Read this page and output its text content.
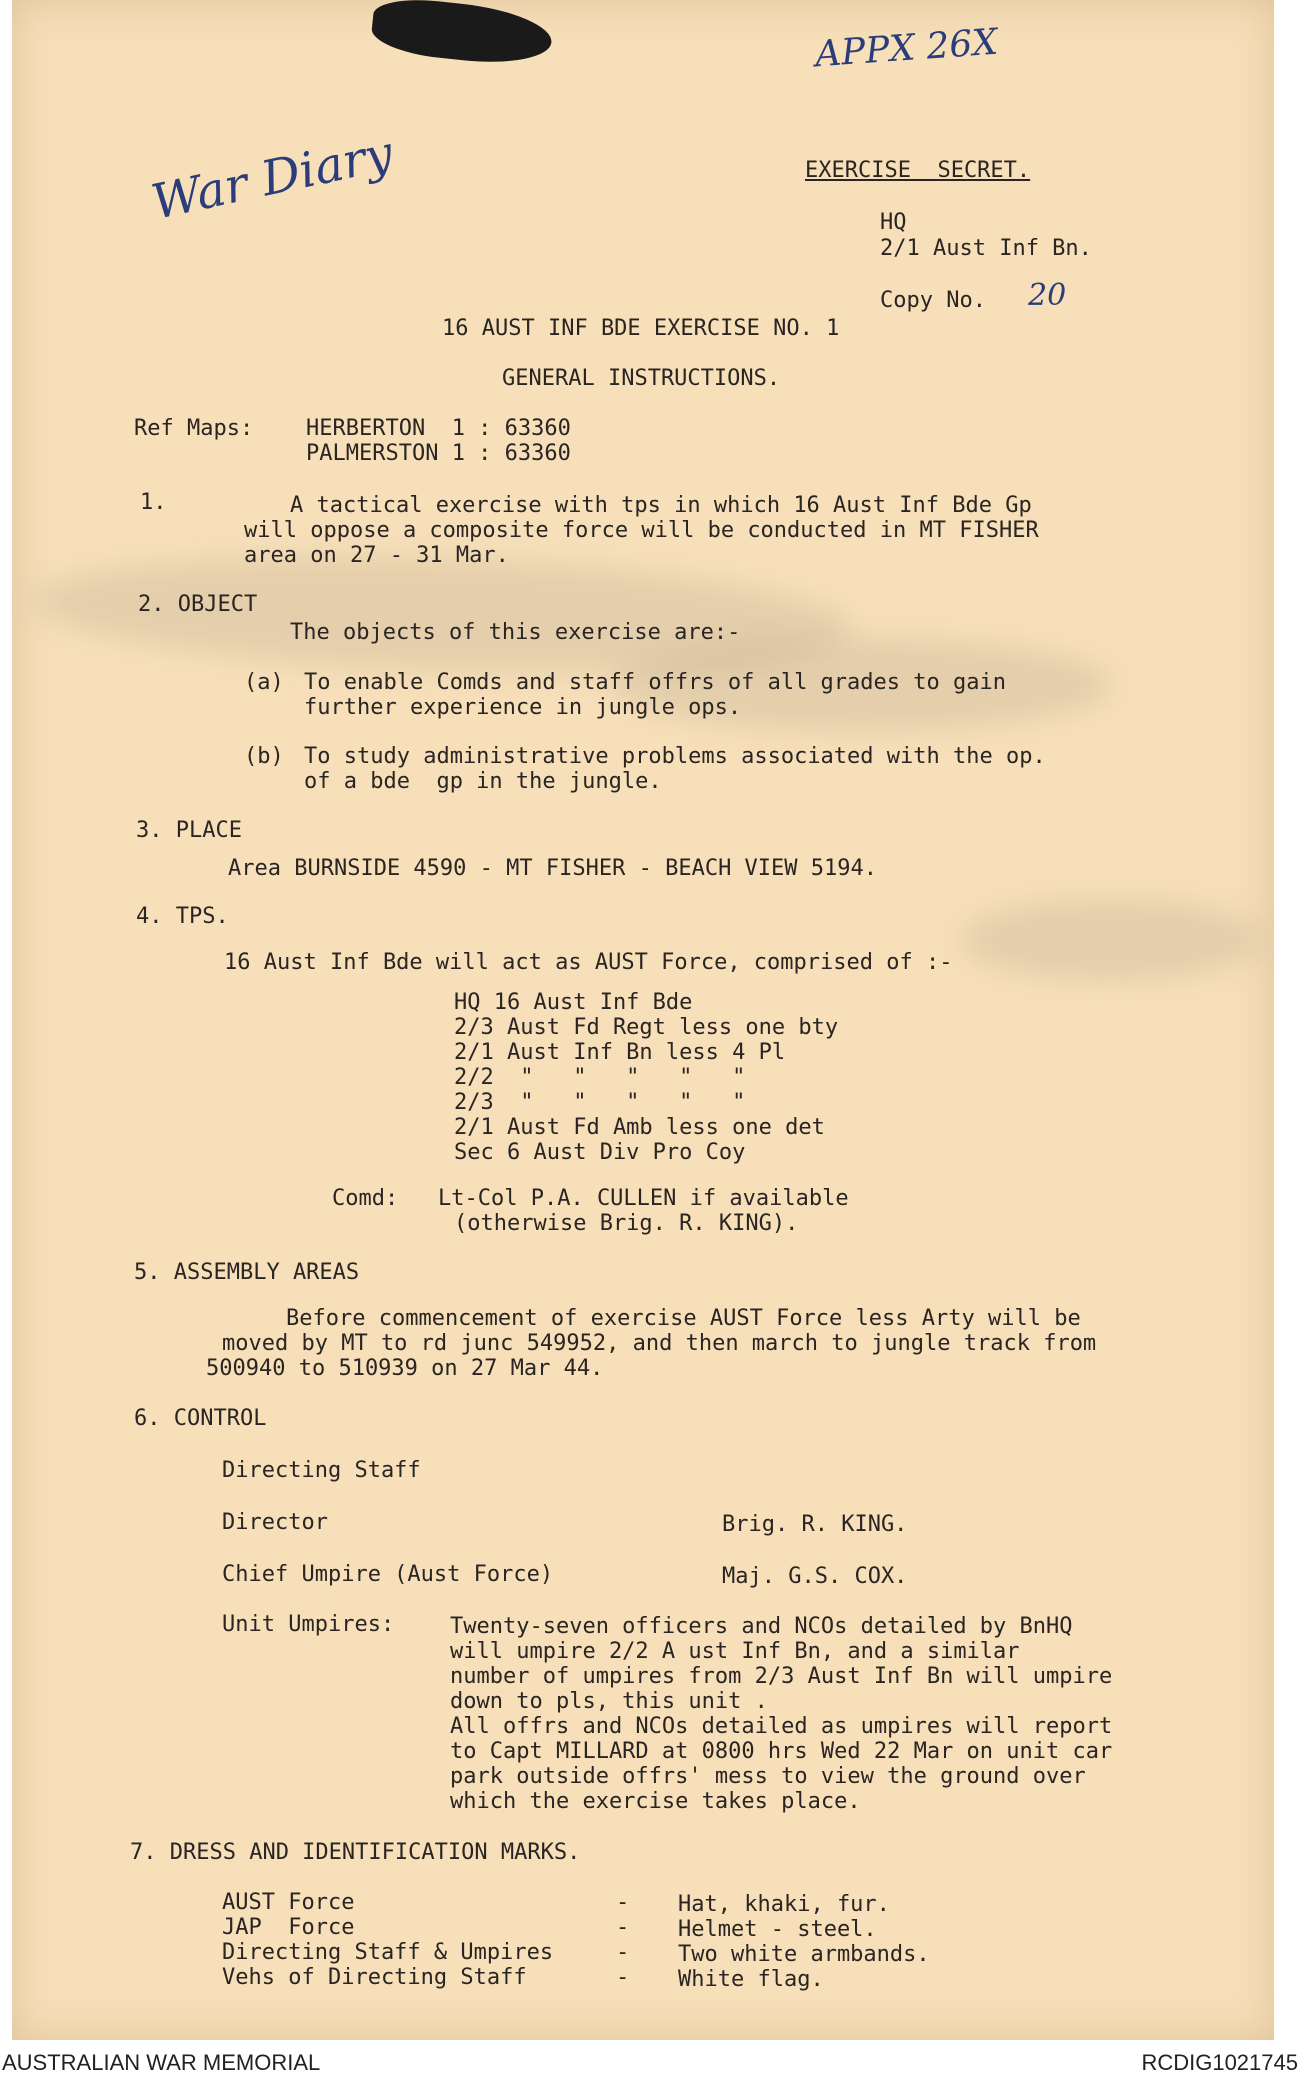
APPX 26X
War Diary
20
EXERCISE  SECRET.
HQ
2/1 Aust Inf Bn.
Copy No.
16 AUST INF BDE EXERCISE NO. 1
GENERAL INSTRUCTIONS.
Ref Maps: HERBERTON  1 : 63360
PALMERSTON 1 : 63360
1.	A tactical exercise with tps in which 16 Aust Inf Bde Gp
will oppose a composite force will be conducted in MT FISHER
area on 27 - 31 Mar.
2. OBJECT
The objects of this exercise are:-
(a) To enable Comds and staff offrs of all grades to gain
further experience in jungle ops.
(b) To study administrative problems associated with the op.
of a bde  gp in the jungle.
3. PLACE
Area BURNSIDE 4590 - MT FISHER - BEACH VIEW 5194.
4. TPS.
16 Aust Inf Bde will act as AUST Force, comprised of :-
HQ 16 Aust Inf Bde
2/3 Aust Fd Regt less one bty
2/1 Aust Inf Bn less 4 Pl
2/2  "   "   "   "   "
2/3  "   "   "   "   "
2/1 Aust Fd Amb less one det
Sec 6 Aust Div Pro Coy
Comd: Lt-Col P.A. CULLEN if available
(otherwise Brig. R. KING).
5. ASSEMBLY AREAS
Before commencement of exercise AUST Force less Arty will be
moved by MT to rd junc 549952, and then march to jungle track from
500940 to 510939 on 27 Mar 44.
6. CONTROL
Directing Staff
Director	Brig. R. KING.
Chief Umpire (Aust Force)	Maj. G.S. COX.
Unit Umpires:	Twenty-seven officers and NCOs detailed by BnHQ
will umpire 2/2 A ust Inf Bn, and a similar
number of umpires from 2/3 Aust Inf Bn will umpire
down to pls, this unit .
All offrs and NCOs detailed as umpires will report
to Capt MILLARD at 0800 hrs Wed 22 Mar on unit car
park outside offrs' mess to view the ground over
which the exercise takes place.
7. DRESS AND IDENTIFICATION MARKS.
AUST Force	- Hat, khaki, fur.
JAP  Force	- Helmet - steel.
Directing Staff & Umpires	- Two white armbands.
Vehs of Directing Staff	- White flag.
AUSTRALIAN WAR MEMORIAL	RCDIG1021745
